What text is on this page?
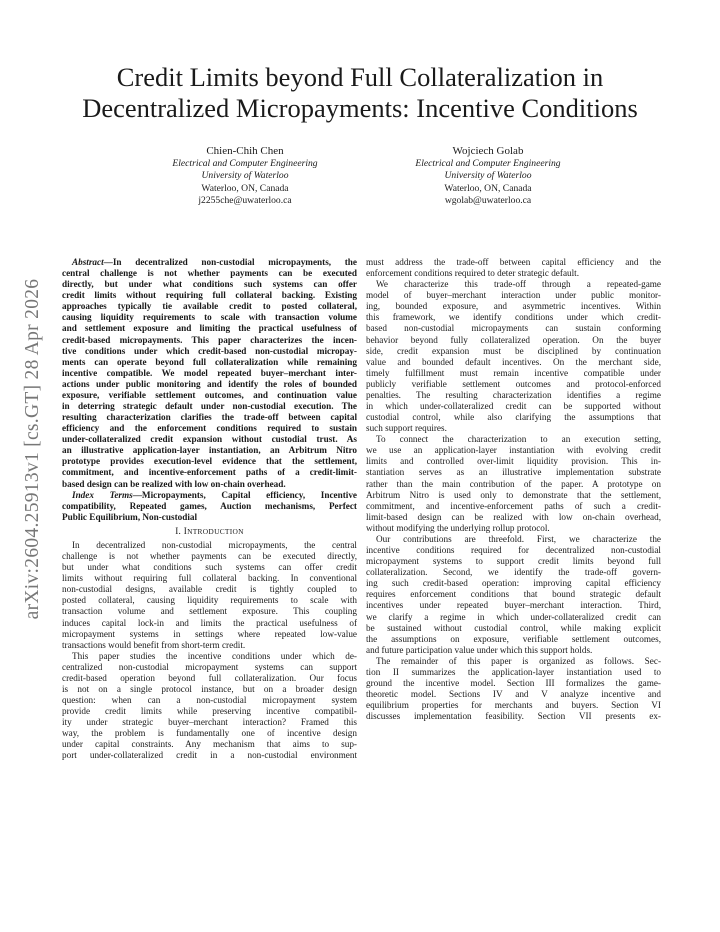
Credit Limits beyond Full Collateralization in
Decentralized Micropayments: Incentive Conditions
Chien-Chih Chen
Electrical and Computer Engineering
University of Waterloo
Waterloo, ON, Canada
j2255che@uwaterloo.ca
Wojciech Golab
Electrical and Computer Engineering
University of Waterloo
Waterloo, ON, Canada
wgolab@uwaterloo.ca
arXiv:2604.25913v1 [cs.GT] 28 Apr 2026
Abstract—In decentralized non-custodial micropayments, the
central challenge is not whether payments can be executed
directly, but under what conditions such systems can offer
credit limits without requiring full collateral backing. Existing
approaches typically tie available credit to posted collateral,
causing liquidity requirements to scale with transaction volume
and settlement exposure and limiting the practical usefulness of
credit-based micropayments. This paper characterizes the incen-
tive conditions under which credit-based non-custodial micropay-
ments can operate beyond full collateralization while remaining
incentive compatible. We model repeated buyer–merchant inter-
actions under public monitoring and identify the roles of bounded
exposure, verifiable settlement outcomes, and continuation value
in deterring strategic default under non-custodial execution. The
resulting characterization clarifies the trade-off between capital
efficiency and the enforcement conditions required to sustain
under-collateralized credit expansion without custodial trust. As
an illustrative application-layer instantiation, an Arbitrum Nitro
prototype provides execution-level evidence that the settlement,
commitment, and incentive-enforcement paths of a credit-limit-
based design can be realized with low on-chain overhead.
Index Terms—Micropayments, Capital efficiency, Incentive
compatibility, Repeated games, Auction mechanisms, Perfect
Public Equilibrium, Non-custodial
I. INTRODUCTION
In decentralized non-custodial micropayments, the central
challenge is not whether payments can be executed directly,
but under what conditions such systems can offer credit
limits without requiring full collateral backing. In conventional
non-custodial designs, available credit is tightly coupled to
posted collateral, causing liquidity requirements to scale with
transaction volume and settlement exposure. This coupling
induces capital lock-in and limits the practical usefulness of
micropayment systems in settings where repeated low-value
transactions would benefit from short-term credit.
This paper studies the incentive conditions under which de-
centralized non-custodial micropayment systems can support
credit-based operation beyond full collateralization. Our focus
is not on a single protocol instance, but on a broader design
question: when can a non-custodial micropayment system
provide credit limits while preserving incentive compatibil-
ity under strategic buyer–merchant interaction? Framed this
way, the problem is fundamentally one of incentive design
under capital constraints. Any mechanism that aims to sup-
port under-collateralized credit in a non-custodial environment
must address the trade-off between capital efficiency and the
enforcement conditions required to deter strategic default.
We characterize this trade-off through a repeated-game
model of buyer–merchant interaction under public monitor-
ing, bounded exposure, and asymmetric incentives. Within
this framework, we identify conditions under which credit-
based non-custodial micropayments can sustain conforming
behavior beyond fully collateralized operation. On the buyer
side, credit expansion must be disciplined by continuation
value and bounded default incentives. On the merchant side,
timely fulfillment must remain incentive compatible under
publicly verifiable settlement outcomes and protocol-enforced
penalties. The resulting characterization identifies a regime
in which under-collateralized credit can be supported without
custodial control, while also clarifying the assumptions that
such support requires.
To connect the characterization to an execution setting,
we use an application-layer instantiation with evolving credit
limits and controlled over-limit liquidity provision. This in-
stantiation serves as an illustrative implementation substrate
rather than the main contribution of the paper. A prototype on
Arbitrum Nitro is used only to demonstrate that the settlement,
commitment, and incentive-enforcement paths of such a credit-
limit-based design can be realized with low on-chain overhead,
without modifying the underlying rollup protocol.
Our contributions are threefold. First, we characterize the
incentive conditions required for decentralized non-custodial
micropayment systems to support credit limits beyond full
collateralization. Second, we identify the trade-off govern-
ing such credit-based operation: improving capital efficiency
requires enforcement conditions that bound strategic default
incentives under repeated buyer–merchant interaction. Third,
we clarify a regime in which under-collateralized credit can
be sustained without custodial control, while making explicit
the assumptions on exposure, verifiable settlement outcomes,
and future participation value under which this support holds.
The remainder of this paper is organized as follows. Sec-
tion II summarizes the application-layer instantiation used to
ground the incentive model. Section III formalizes the game-
theoretic model. Sections IV and V analyze incentive and
equilibrium properties for merchants and buyers. Section VI
discusses implementation feasibility. Section VII presents ex-
